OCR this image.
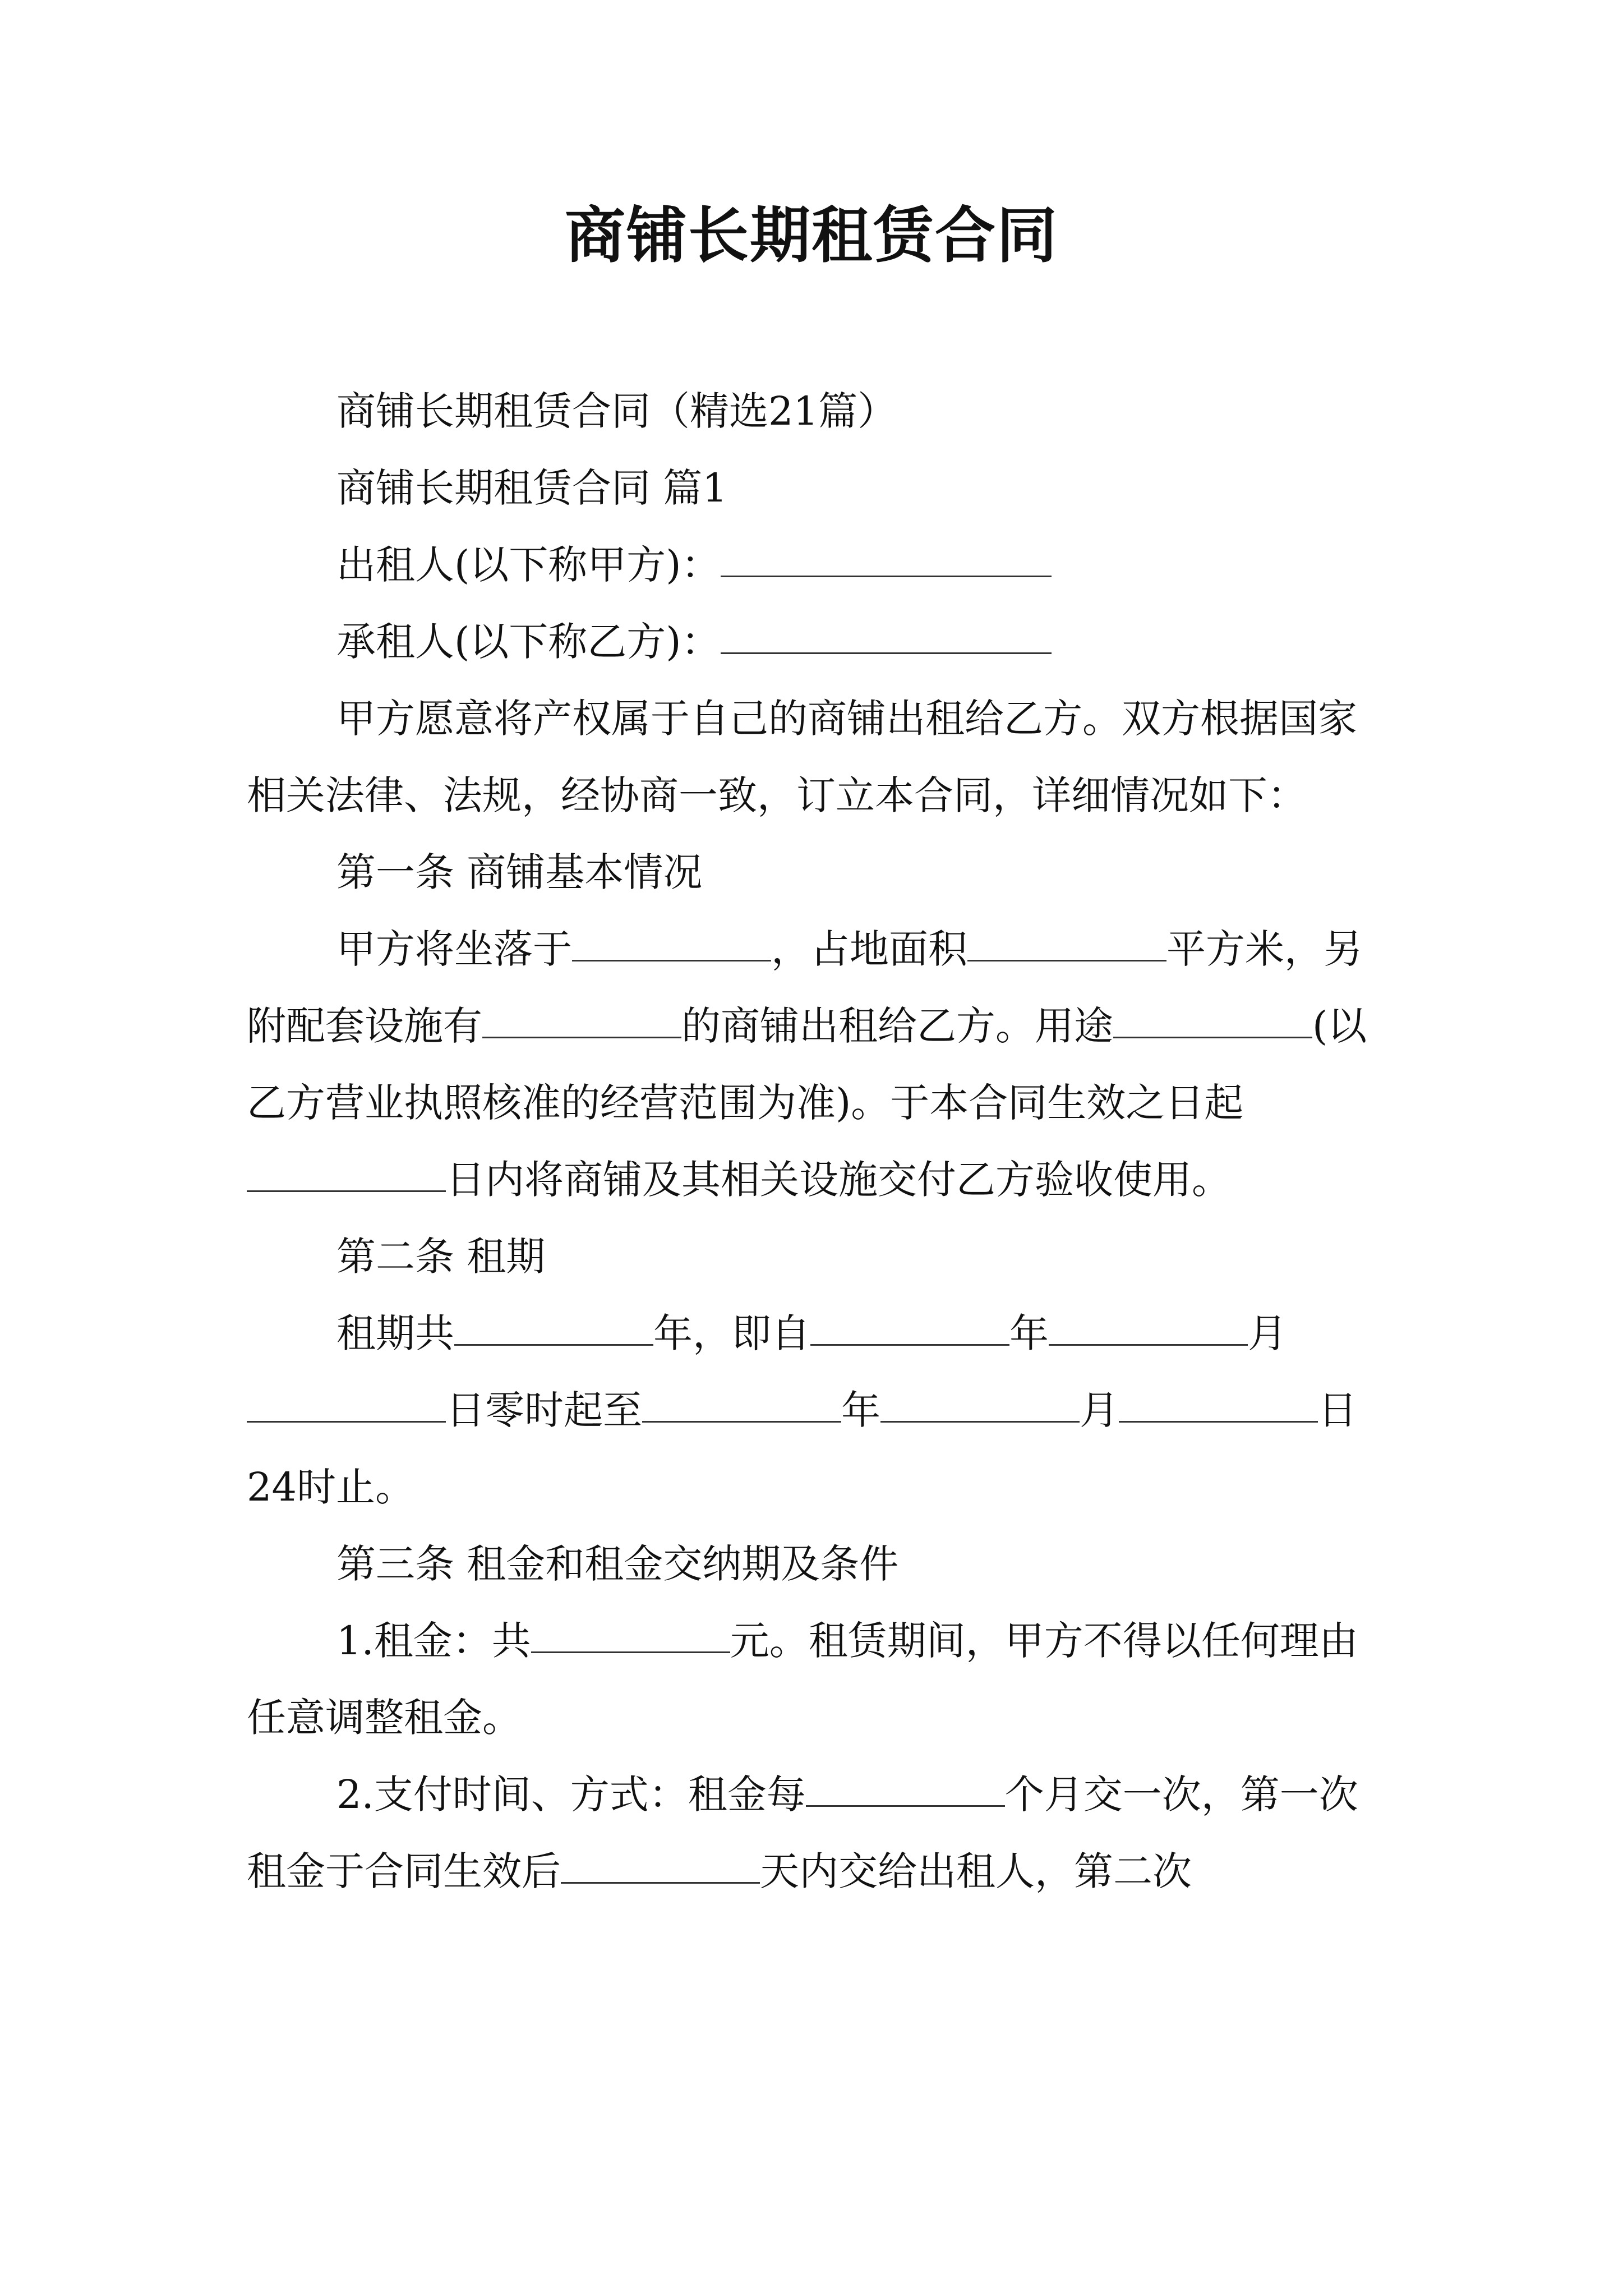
商铺长期租赁合同

商铺长期租赁合同（精选21篇）

商铺长期租赁合同 篇1

出租人(以下称甲方)：

承租人(以下称乙方)：

甲方愿意将产权属于自己的商铺出租给乙方。双方根据国家相关法律、法规，经协商一致，订立本合同，详细情况如下：

第一条 商铺基本情况

甲方将坐落于	，占地面积	平方米，另附配套设施有	的商铺出租给乙方。用途	(以乙方营业执照核准的经营范围为准)。于本合同生效之日起日内将商铺及其相关设施交付乙方验收使用。

第二条 租期

租期共	年，即自	年	月日零时起至	年	月	日24时止。

第三条 租金和租金交纳期及条件

1.租金：共	元。租赁期间，甲方不得以任何理由任意调整租金。

2.支付时间、方式：租金每	个月交一次，第一次租金于合同生效后	天内交给出租人，第二次
